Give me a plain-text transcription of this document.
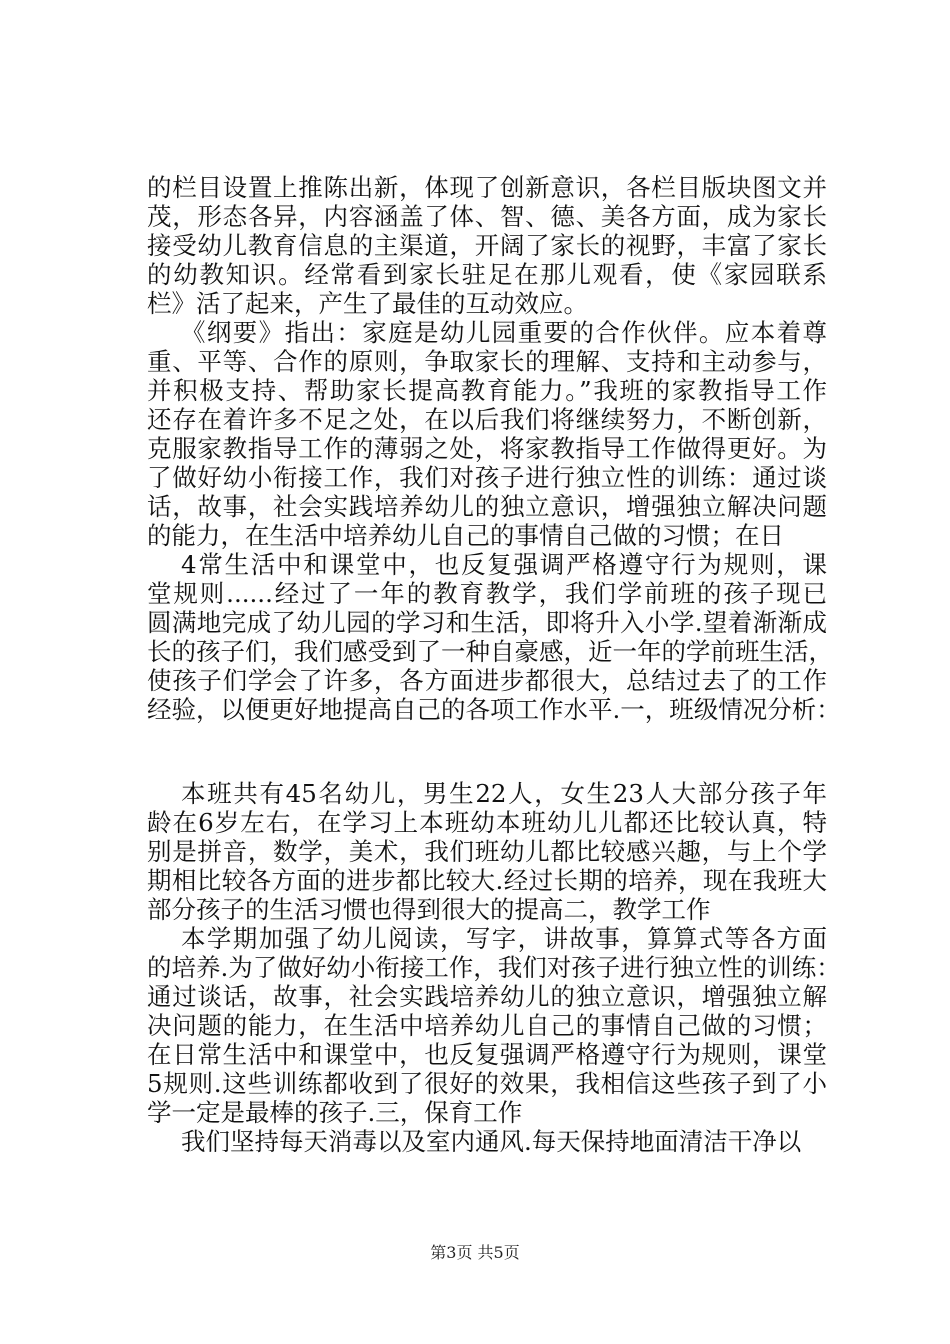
的栏目设置上推陈出新，体现了创新意识，各栏目版块图文并
茂，形态各异，内容涵盖了体、智、德、美各方面，成为家长
接受幼儿教育信息的主渠道，开阔了家长的视野，丰富了家长
的幼教知识。经常看到家长驻足在那儿观看，使《家园联系
栏》活了起来，产生了最佳的互动效应。
《纲要》指出：家庭是幼儿园重要的合作伙伴。应本着尊
重、平等、合作的原则，争取家长的理解、支持和主动参与，
并积极支持、帮助家长提高教育能力。”我班的家教指导工作
还存在着许多不足之处，在以后我们将继续努力，不断创新，
克服家教指导工作的薄弱之处，将家教指导工作做得更好。为
了做好幼小衔接工作，我们对孩子进行独立性的训练：通过谈
话，故事，社会实践培养幼儿的独立意识，增强独立解决问题
的能力，在生活中培养幼儿自己的事情自己做的习惯；在日
4常生活中和课堂中，也反复强调严格遵守行为规则，课
堂规则......经过了一年的教育教学，我们学前班的孩子现已
圆满地完成了幼儿园的学习和生活，即将升入小学.望着渐渐成
长的孩子们，我们感受到了一种自豪感，近一年的学前班生活，
使孩子们学会了许多，各方面进步都很大，总结过去了的工作
经验，以便更好地提高自己的各项工作水平.一，班级情况分析：
本班共有45名幼儿，男生22人，女生23人大部分孩子年
龄在6岁左右，在学习上本班幼本班幼儿儿都还比较认真，特
别是拼音，数学，美术，我们班幼儿都比较感兴趣，与上个学
期相比较各方面的进步都比较大.经过长期的培养，现在我班大
部分孩子的生活习惯也得到很大的提高二，教学工作
本学期加强了幼儿阅读，写字，讲故事，算算式等各方面
的培养.为了做好幼小衔接工作，我们对孩子进行独立性的训练：
通过谈话，故事，社会实践培养幼儿的独立意识，增强独立解
决问题的能力，在生活中培养幼儿自己的事情自己做的习惯；
在日常生活中和课堂中，也反复强调严格遵守行为规则，课堂
5规则.这些训练都收到了很好的效果，我相信这些孩子到了小
学一定是最棒的孩子.三，保育工作
我们坚持每天消毒以及室内通风.每天保持地面清洁干净以
第3页 共5页
